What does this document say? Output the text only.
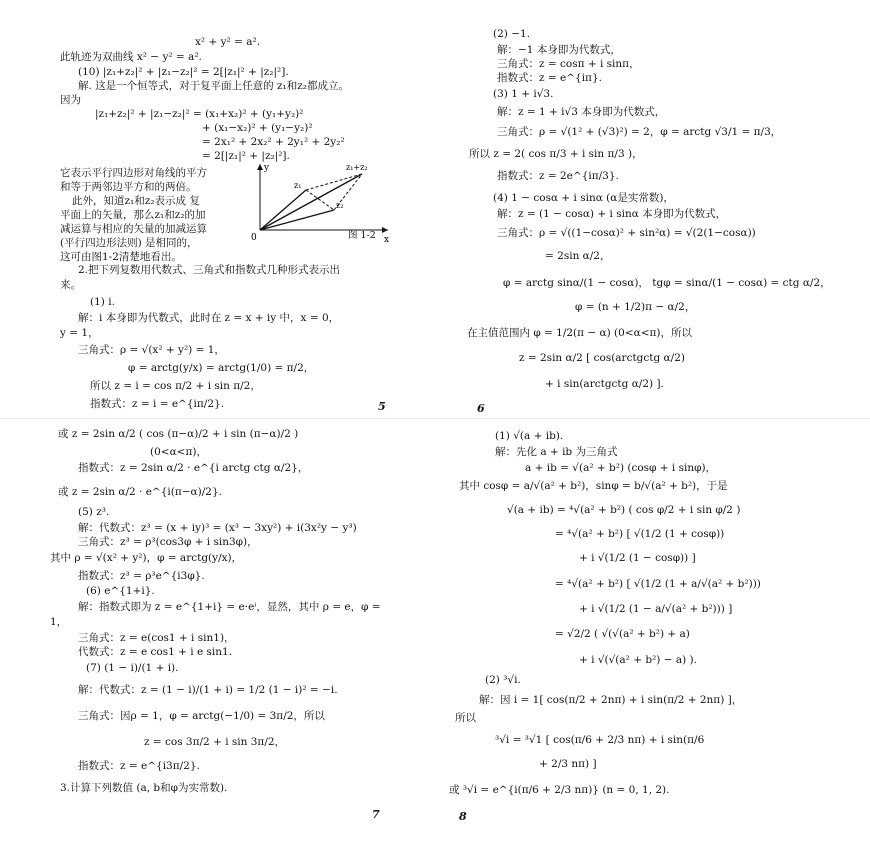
x² + y² = a².
此轨迹为双曲线 x² − y² = a².
(10) |z₁+z₂|² + |z₁−z₂|² = 2[|z₁|² + |z₂|²].
解. 这是一个恒等式，对于复平面上任意的 z₁和z₂都成立。
因为
|z₁+z₂|² + |z₁−z₂|² = (x₁+x₂)² + (y₁+y₂)²
+ (x₁−x₂)² + (y₁−y₂)²
= 2x₁² + 2x₂² + 2y₁² + 2y₂²
= 2[|z₁|² + |z₂|²].
它表示平行四边形对角线的平方
和等于两邻边平方和的两倍。
此外，知道z₁和z₂表示成 复
平面上的矢量，那么z₁和z₂的加
减运算与相应的矢量的加减运算
(平行四边形法则) 是相同的，
这可由图1-2清楚地看出。
y
x
0
z₁
z₂
z₁+z₂
图 1-2
2.把下列复数用代数式、三角式和指数式几种形式表示出
来。
(1) i.
解：i 本身即为代数式，此时在 z = x + iy 中，x = 0，
y = 1，
三角式：ρ = √(x² + y²) = 1，
φ = arctg(y/x) = arctg(1/0) = π/2，
所以 z = i = cos π/2 + i sin π/2，
指数式：z = i = e^{iπ/2}.	5
(2) −1.
解：−1 本身即为代数式，
三角式：z = cosπ + i sinπ，
指数式：z = e^{iπ}.
(3) 1 + i√3.
解：z = 1 + i√3 本身即为代数式，
三角式：ρ = √(1² + (√3)²) = 2，φ = arctg √3/1 = π/3，
所以 z = 2( cos π/3 + i sin π/3 )，
指数式：z = 2e^{iπ/3}.
(4) 1 − cosα + i sinα (α是实常数)，
解：z = (1 − cosα) + i sinα 本身即为代数式，
三角式：ρ = √((1−cosα)² + sin²α) = √(2(1−cosα))
= 2sin α/2，
φ = arctg sinα/(1 − cosα)， tgφ = sinα/(1 − cosα) = ctg α/2，
φ = (n + 1/2)π − α/2，
在主值范围内 φ = 1/2(π − α) (0<α<π)，所以
z = 2sin α/2 [ cos(arctgctg α/2)
+ i sin(arctgctg α/2) ].
6
或 z = 2sin α/2 ( cos (π−α)/2 + i sin (π−α)/2 )
(0<α<π)，
指数式：z = 2sin α/2 · e^{i arctg ctg α/2}，
或 z = 2sin α/2 · e^{i(π−α)/2}.
(5) z³.
解：代数式：z³ = (x + iy)³ = (x³ − 3xy²) + i(3x²y − y³)
三角式：z³ = ρ³(cos3φ + i sin3φ)，
其中 ρ = √(x² + y²)，φ = arctg(y/x)，
指数式：z³ = ρ³e^{i3φ}.
(6) e^{1+i}.
解：指数式即为 z = e^{1+i} = e·eⁱ，显然，其中 ρ = e，φ =
1，
三角式：z = e(cos1 + i sin1)，
代数式：z = e cos1 + i e sin1.
(7) (1 − i)/(1 + i).
解：代数式：z = (1 − i)/(1 + i) = 1/2 (1 − i)² = −i.
三角式：因ρ = 1，φ = arctg(−1/0) = 3π/2，所以
z = cos 3π/2 + i sin 3π/2，
指数式：z = e^{i3π/2}.
3.计算下列数值 (a, b和φ为实常数).
7
(1) √(a + ib).
解：先化 a + ib 为三角式
a + ib = √(a² + b²) (cosφ + i sinφ)，
其中 cosφ = a/√(a² + b²)，sinφ = b/√(a² + b²)，于是
√(a + ib) = ⁴√(a² + b²) ( cos φ/2 + i sin φ/2 )
= ⁴√(a² + b²) [ √(1/2 (1 + cosφ))
+ i √(1/2 (1 − cosφ)) ]
= ⁴√(a² + b²) [ √(1/2 (1 + a/√(a² + b²)))
+ i √(1/2 (1 − a/√(a² + b²))) ]
= √2/2 ( √(√(a² + b²) + a)
+ i √(√(a² + b²) − a) ).
(2) ³√i.
解：因 i = 1[ cos(π/2 + 2nπ) + i sin(π/2 + 2nπ) ]，
所以
³√i = ³√1 [ cos(π/6 + 2/3 nπ) + i sin(π/6
+ 2/3 nπ) ]
或 ³√i = e^{i(π/6 + 2/3 nπ)} (n = 0, 1, 2).
8
